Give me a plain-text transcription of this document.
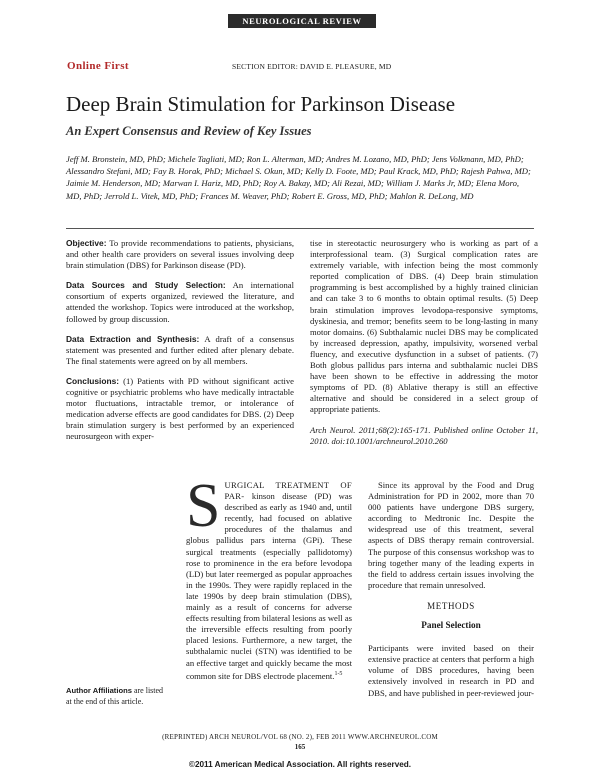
NEUROLOGICAL REVIEW
Online First	SECTION EDITOR: DAVID E. PLEASURE, MD
Deep Brain Stimulation for Parkinson Disease
An Expert Consensus and Review of Key Issues
Jeff M. Bronstein, MD, PhD; Michele Tagliati, MD; Ron L. Alterman, MD; Andres M. Lozano, MD, PhD; Jens Volkmann, MD, PhD; Alessandro Stefani, MD; Fay B. Horak, PhD; Michael S. Okun, MD; Kelly D. Foote, MD; Paul Krack, MD, PhD; Rajesh Pahwa, MD; Jaimie M. Henderson, MD; Marwan I. Hariz, MD, PhD; Roy A. Bakay, MD; Ali Rezai, MD; William J. Marks Jr, MD; Elena Moro, MD, PhD; Jerrold L. Vitek, MD, PhD; Frances M. Weaver, PhD; Robert E. Gross, MD, PhD; Mahlon R. DeLong, MD

Objective: To provide recommendations to patients, physicians, and other health care providers on several issues involving deep brain stimulation (DBS) for Parkinson disease (PD).

Data Sources and Study Selection: An international consortium of experts organized, reviewed the literature, and attended the workshop. Topics were introduced at the workshop, followed by group discussion.

Data Extraction and Synthesis: A draft of a consensus statement was presented and further edited after plenary debate. The final statements were agreed on by all members.

Conclusions: (1) Patients with PD without significant active cognitive or psychiatric problems who have medically intractable motor fluctuations, intractable tremor, or intolerance of medication adverse effects are good candidates for DBS. (2) Deep brain stimulation surgery is best performed by an experienced neurosurgeon with exper-

tise in stereotactic neurosurgery who is working as part of a interprofessional team. (3) Surgical complication rates are extremely variable, with infection being the most commonly reported complication of DBS. (4) Deep brain stimulation programming is best accomplished by a highly trained clinician and can take 3 to 6 months to obtain optimal results. (5) Deep brain stimulation improves levodopa-responsive symptoms, dyskinesia, and tremor; benefits seem to be long-lasting in many motor domains. (6) Subthalamic nuclei DBS may be complicated by increased depression, apathy, impulsivity, worsened verbal fluency, and executive dysfunction in a subset of patients. (7) Both globus pallidus pars interna and subthalamic nuclei DBS have been shown to be effective in addressing the motor symptoms of PD. (8) Ablative therapy is still an effective alternative and should be considered in a select group of appropriate patients.

Arch Neurol. 2011;68(2):165-171. Published online October 11, 2010. doi:10.1001/archneurol.2010.260

SURGICAL TREATMENT OF PAR- kinson disease (PD) was described as early as 1940 and, until recently, had focused on ablative procedures of the thalamus and globus pallidus pars interna (GPi). These surgical treatments (especially pallidotomy) rose to prominence in the era before levodopa (LD) but later reemerged as popular approaches in the 1990s. They were rapidly replaced in the late 1990s by deep brain stimulation (DBS), mainly as a result of concerns for adverse effects resulting from bilateral lesions as well as the irreversible effects resulting from poorly placed lesions. Furthermore, a new target, the subthalamic nuclei (STN) was identified to be an effective target and quickly became the most common site for DBS electrode placement.$^{1-5}$
Since its approval by the Food and Drug Administration for PD in 2002, more than 70 000 patients have undergone DBS surgery, according to Medtronic Inc. Despite the widespread use of this treatment, several aspects of DBS therapy remain controversial. The purpose of this consensus workshop was to bring together many of the leading experts in the field to address certain issues involving the procedure that remain unresolved.
METHODS
Panel Selection
Participants were invited based on their extensive practice at centers that perform a high volume of DBS procedures, having been extensively involved in research in PD and DBS, and have published in peer-reviewed jour-
Author Affiliations are listed at the end of this article.
(REPRINTED) ARCH NEUROL/VOL 68 (NO. 2), FEB 2011 WWW.ARCHNEUROL.COM
165
©2011 American Medical Association. All rights reserved.
